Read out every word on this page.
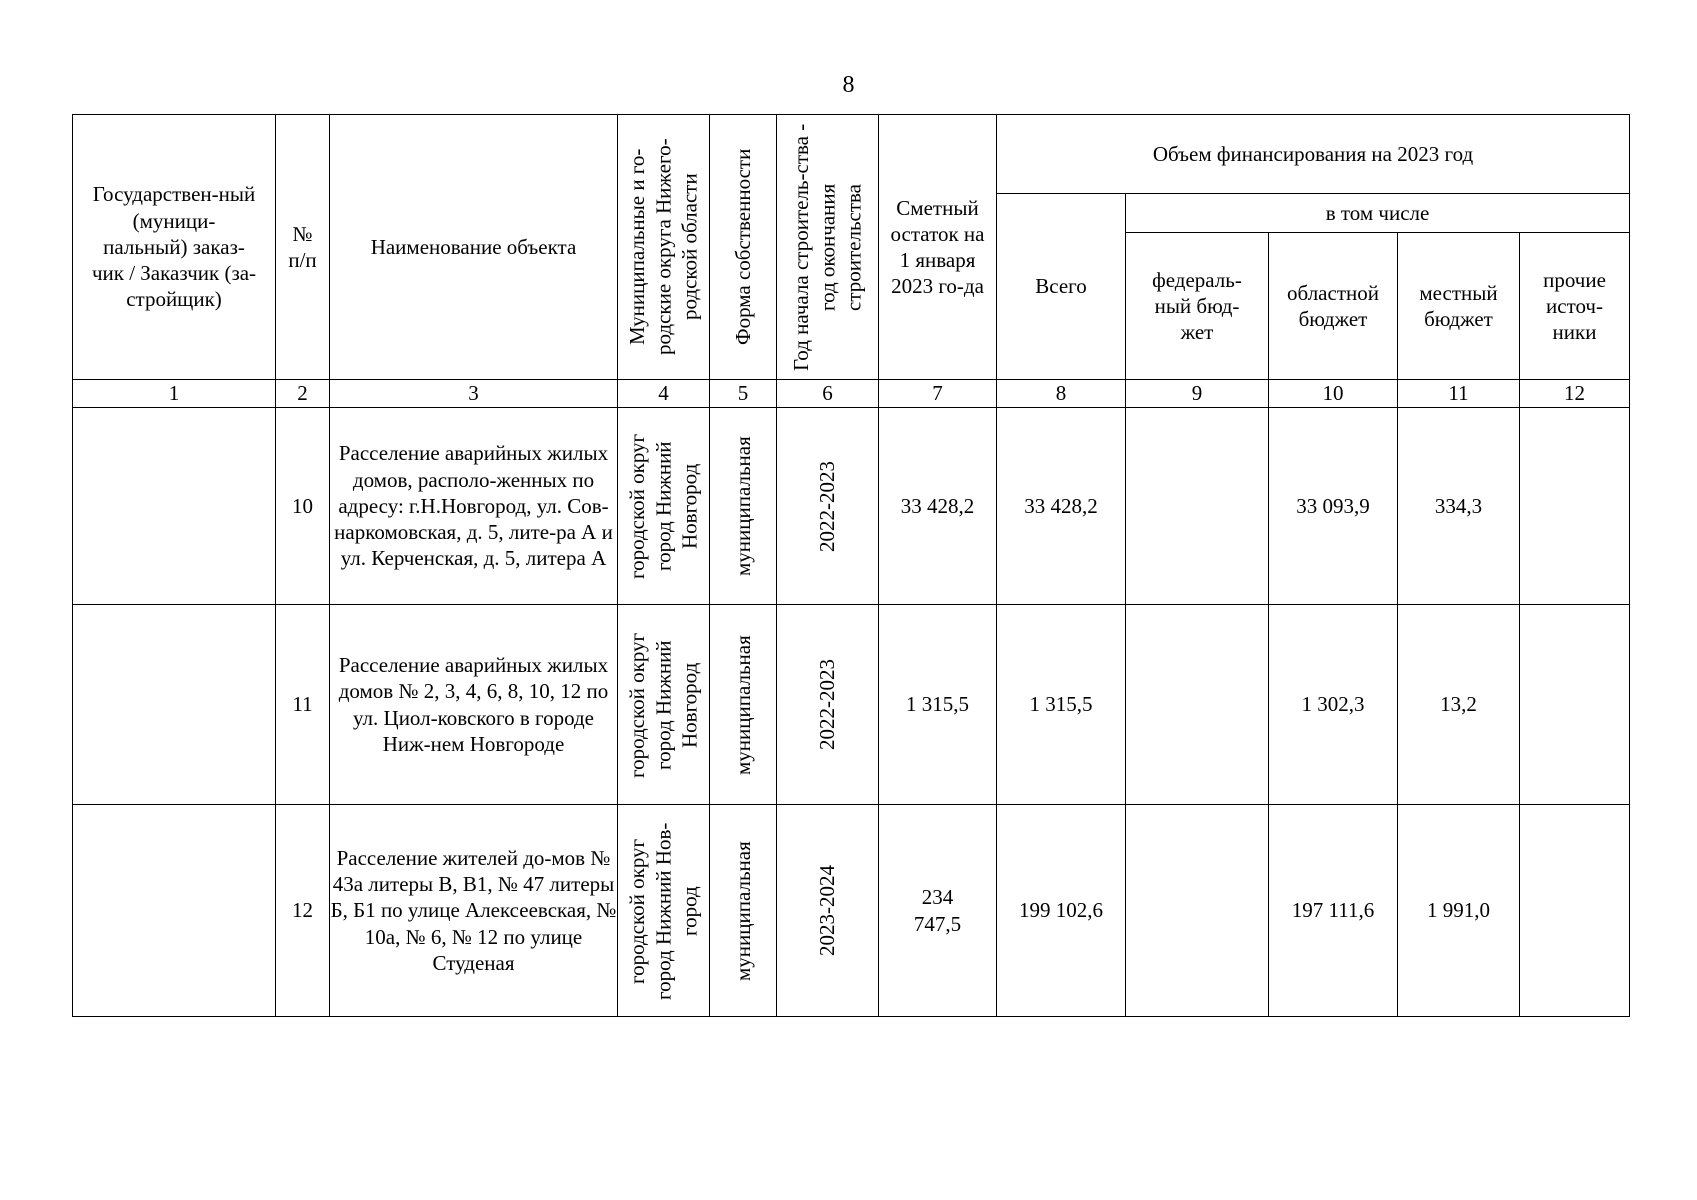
8
Государствен-ный (муници-пальный) заказ-чик / Заказчик (за-стройщик)	№ п/п	Наименование объекта	Муниципальные и го-родские округа Нижего-родской области	Форма собственности	Год начала строитель-ства - год окончания строительства	Сметный остаток на 1 января 2023 го-да	Объем финансирования на 2023 год				

							Всего	в том числе			

								федераль-ный бюд-жет	областной бюджет	местный бюджет	прочие источ-ники

1	2	3	4	5	6	7	8	9	10	11	12
	10	Расселение аварийных жилых домов, располо-женных по адресу: г.Н.Новгород, ул. Сов-наркомовская, д. 5, лите-ра А и ул. Керченская, д. 5, литера А	городской округ город Нижний Новгород	муниципальная	2022-2023	33 428,2	33 428,2		33 093,9	334,3	
	11	Расселение аварийных жилых домов № 2, 3, 4, 6, 8, 10, 12 по ул. Циол-ковского в городе Ниж-нем Новгороде	городской округ город Нижний Новгород	муниципальная	2022-2023	1 315,5	1 315,5		1 302,3	13,2	
	12	Расселение жителей до-мов № 43а литеры В, В1, № 47 литеры Б, Б1 по улице Алексеевская, № 10а, № 6, № 12 по улице Студеная	городской округ город Нижний Нов-город	муниципальная	2023-2024	234 747,5	199 102,6		197 111,6	1 991,0	
